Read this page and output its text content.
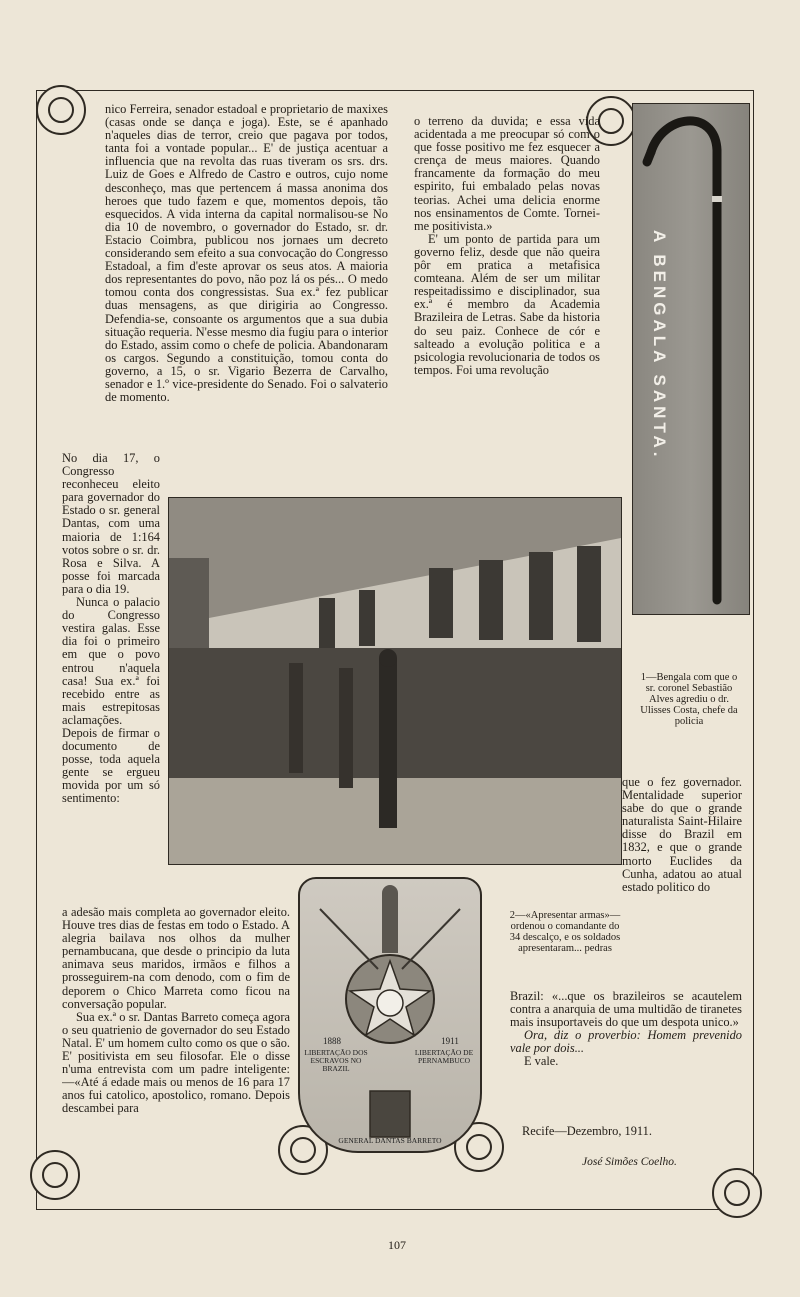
nico Ferreira, senador estadoal e proprietario de maxixes (casas onde se dança e joga). Este, se é apanhado n'aqueles dias de terror, creio que pagava por todos, tanta foi a vontade popular... E' de justiça acentuar a influencia que na revolta das ruas tiveram os srs. drs. Luiz de Goes e Alfredo de Castro e outros, cujo nome desconheço, mas que pertencem á massa anonima dos heroes que tudo fazem e que, momentos depois, tão esquecidos. A vida interna da capital normalisou-se No dia 10 de novembro, o governador do Estado, sr. dr. Estacio Coimbra, publicou nos jornaes um decreto considerando sem efeito a sua convocação do Congresso Estadoal, a fim d'este aprovar os seus atos. A maioria dos representantes do povo, não poz lá os pés... O medo tomou conta dos congressistas. Sua ex.ª fez publicar duas mensagens, as que dirigiria ao Congresso. Defendia-se, consoante os argumentos que a sua dubia situação requeria. N'esse mesmo dia fugiu para o interior do Estado, assim como o chefe de policia. Abandonaram os cargos. Segundo a constituição, tomou conta do governo, a 15, o sr. Vigario Bezerra de Carvalho, senador e 1.º vice-presidente do Senado. Foi o salvaterio de momento.

No dia 17, o Congresso reconheceu eleito para governador do Estado o sr. general Dantas, com uma maioria de 1:164 votos sobre o sr. dr. Rosa e Silva. A posse foi marcada para o dia 19.

Nunca o palacio do Congresso vestira galas. Esse dia foi o primeiro em que o povo entrou n'aquela casa! Sua ex.ª foi recebido entre as mais estrepitosas aclamações. Depois de firmar o documento de posse, toda aquela gente se ergueu movida por um só sentimento:

a adesão mais completa ao governador eleito. Houve tres dias de festas em todo o Estado. A alegria bailava nos olhos da mulher pernambucana, que desde o principio da luta animava seus maridos, irmãos e filhos a prosseguirem-na com denodo, com o fim de deporem o Chico Marreta como ficou na conversação popular.

Sua ex.ª o sr. Dantas Barreto começa agora o seu quatrienio de governador do seu Estado Natal. E' um homem culto como os que o são. E' positivista em seu filosofar. Ele o disse n'uma entrevista com um padre inteligente:—«Até á edade mais ou menos de 16 para 17 anos fui catolico, apostolico, romano. Depois descambei para

o terreno da duvida; e essa vida acidentada a me preocupar só com o que fosse positivo me fez esquecer a crença de meus maiores. Quando francamente da formação do meu espirito, fui embalado pelas novas teorias. Achei uma delicia enorme nos ensinamentos de Comte. Tornei-me positivista.»

E' um ponto de partida para um governo feliz, desde que não queira pôr em pratica a metafisica comteana. Além de ser um militar respeitadissimo e disciplinador, sua ex.ª é membro da Academia Brazileira de Letras. Sabe da historia do seu paiz. Conhece de cór e salteado a evolução politica e a psicologia revolucionaria de todos os tempos. Foi uma revolução	A BENGALA SANTA.
1—Bengala com que o sr. coronel Sebastião Alves agrediu o dr. Ulisses Costa, chefe da policia

que o fez governador. Mentalidade superior sabe do que o grande naturalista Saint-Hilaire disse do Brazil em 1832, e que o grande morto Euclides da Cunha, adatou ao atual estado politico do

2—«Apresentar armas»—ordenou o comandante do 34 descalço, e os soldados apresentaram... pedras
1888	1911
LIBERTAÇÃO DOS ESCRAVOS NO BRAZIL
LIBERTAÇÃO DE PERNAMBUCO
GENERAL DANTAS BARRETO

Brazil: «...que os brazileiros se acautelem contra a anarquia de uma multidão de tiranetes mais insuportaveis do que um despota unico.»

Ora, diz o proverbio: Homem prevenido vale por dois...

E vale.

Recife—Dezembro, 1911.
José Simões Coelho.
107
